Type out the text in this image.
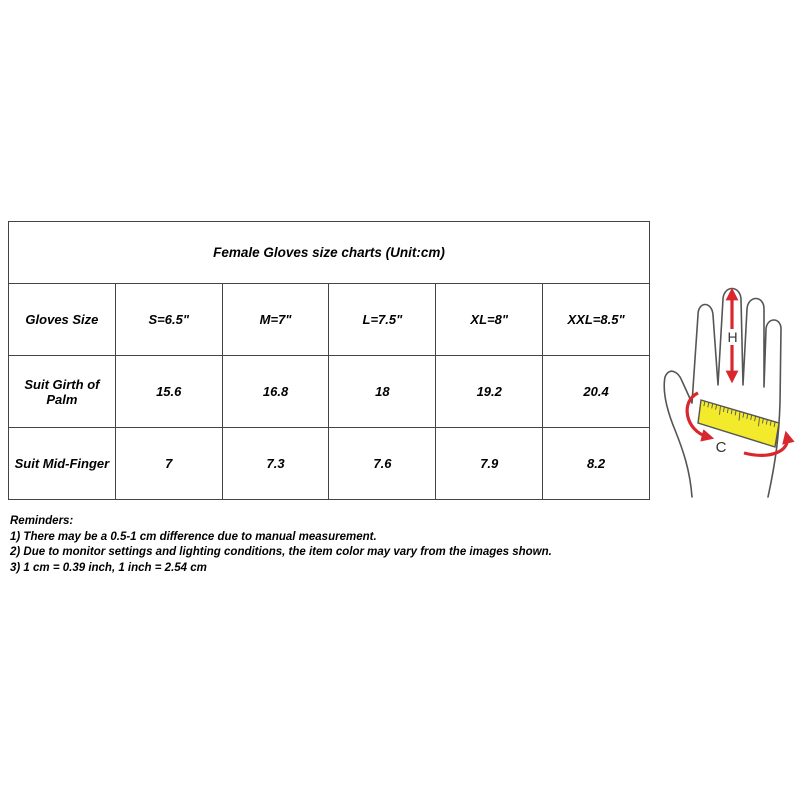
Female Gloves size charts (Unit:cm)					
Gloves Size	S=6.5"	M=7"	L=7.5"	XL=8"	XXL=8.5"
Suit Girth of Palm	15.6	16.8	18	19.2	20.4
Suit Mid-Finger	7	7.3	7.6	7.9	8.2
Reminders:
1) There may be a 0.5-1 cm difference due to manual measurement.
2) Due to monitor settings and lighting conditions, the item color may vary from the images shown.
3) 1 cm = 0.39 inch, 1 inch = 2.54 cm
H
C
